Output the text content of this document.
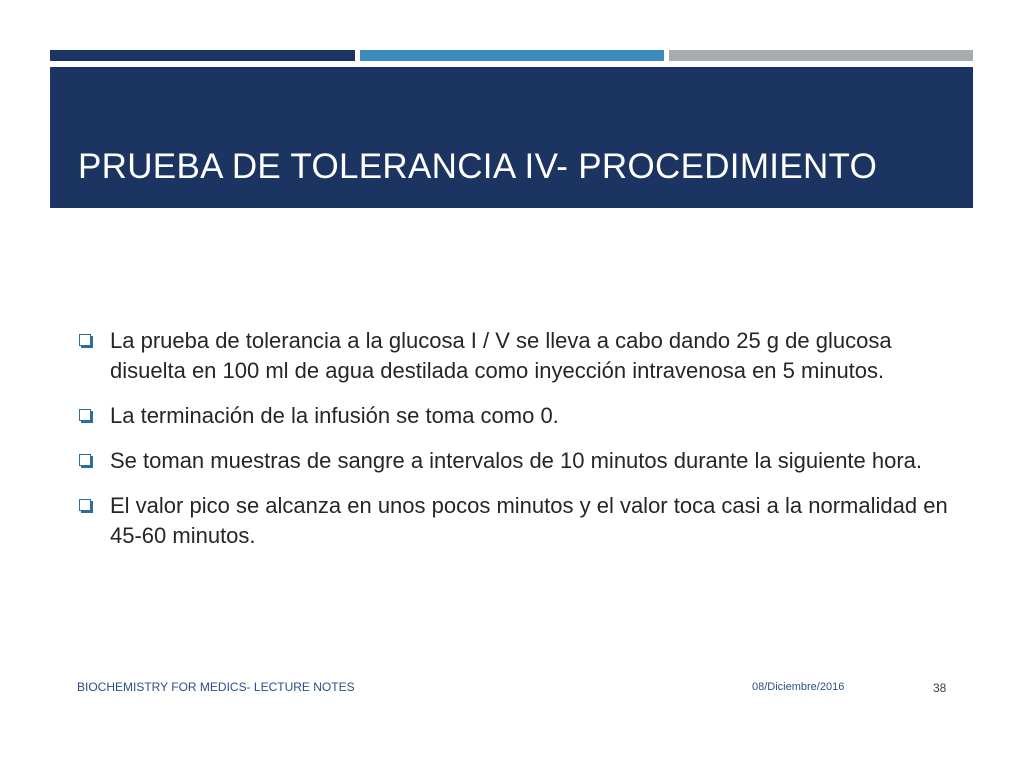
PRUEBA DE TOLERANCIA IV- PROCEDIMIENTO
La prueba de tolerancia a la glucosa I / V se lleva a cabo dando 25 g de glucosa disuelta en 100 ml de agua destilada como inyección intravenosa en 5 minutos.
La terminación de la infusión se toma como 0.
Se toman muestras de sangre a intervalos de 10 minutos durante la siguiente hora.
El valor pico se alcanza en unos pocos minutos y el valor toca casi a la normalidad en 45-60 minutos.
BIOCHEMISTRY FOR MEDICS- LECTURE NOTES	08/Diciembre/2016	38
